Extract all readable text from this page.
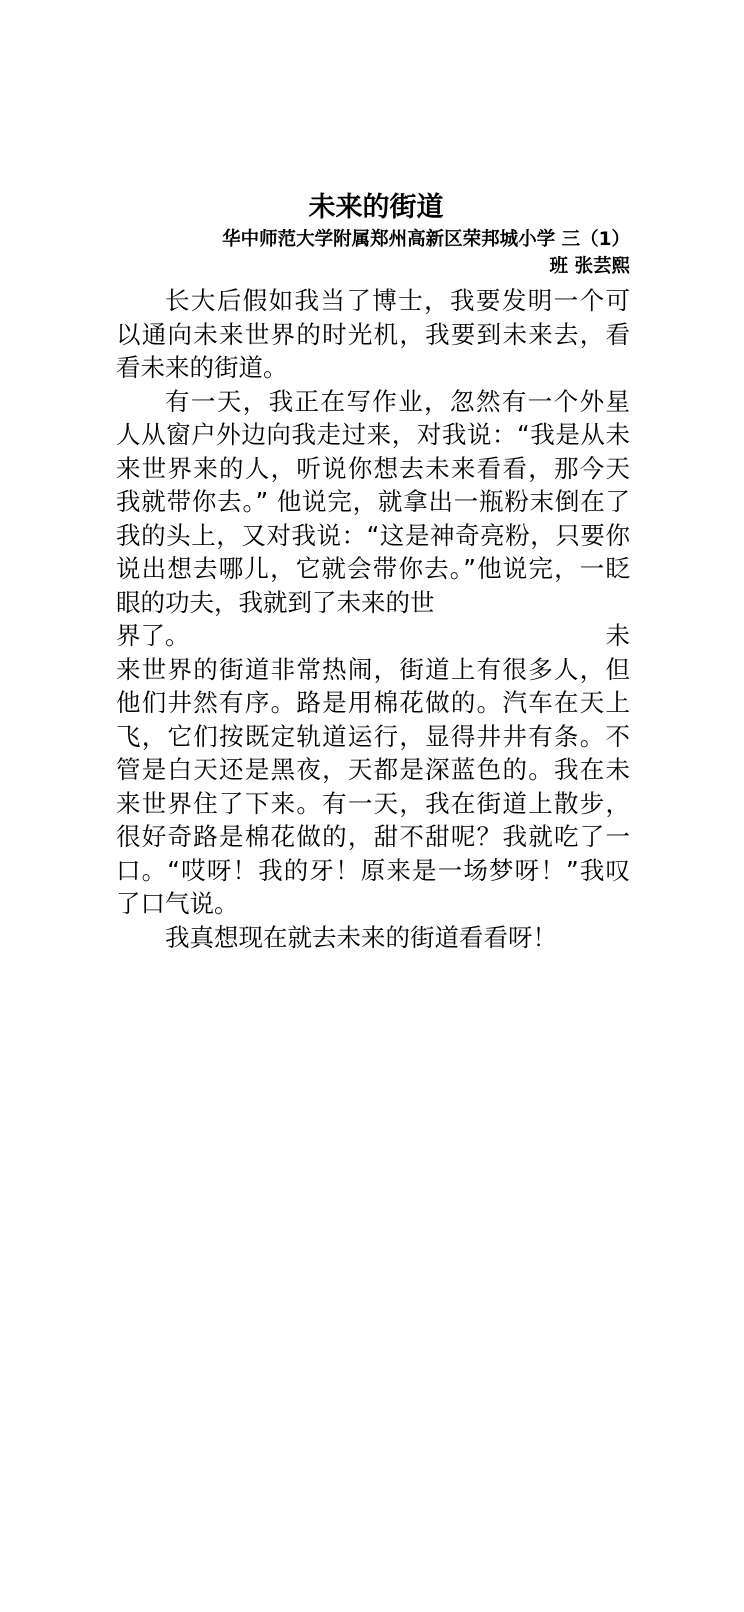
未来的街道
华中师范大学附属郑州高新区荣邦城小学 三（1）
班 张芸熙

长大后假如我当了博士，我要发明一个可以通向未来世界的时光机，我要到未来去，看看未来的街道。

有一天，我正在写作业，忽然有一个外星人从窗户外边向我走过来，对我说：“我是从未来世界来的人，听说你想去未来看看，那今天我就带你去。” 他说完，就拿出一瓶粉末倒在了我的头上，又对我说：“这是神奇亮粉，只要你说出想去哪儿，它就会带你去。”他说完，一眨眼的功夫，我就到了未来的世

界了。	未

来世界的街道非常热闹，街道上有很多人，但他们井然有序。路是用棉花做的。汽车在天上飞，它们按既定轨道运行，显得井井有条。不管是白天还是黑夜，天都是深蓝色的。我在未来世界住了下来。有一天，我在街道上散步，很好奇路是棉花做的，甜不甜呢？我就吃了一口。“哎呀！我的牙！原来是一场梦呀！”我叹了口气说。

我真想现在就去未来的街道看看呀！
